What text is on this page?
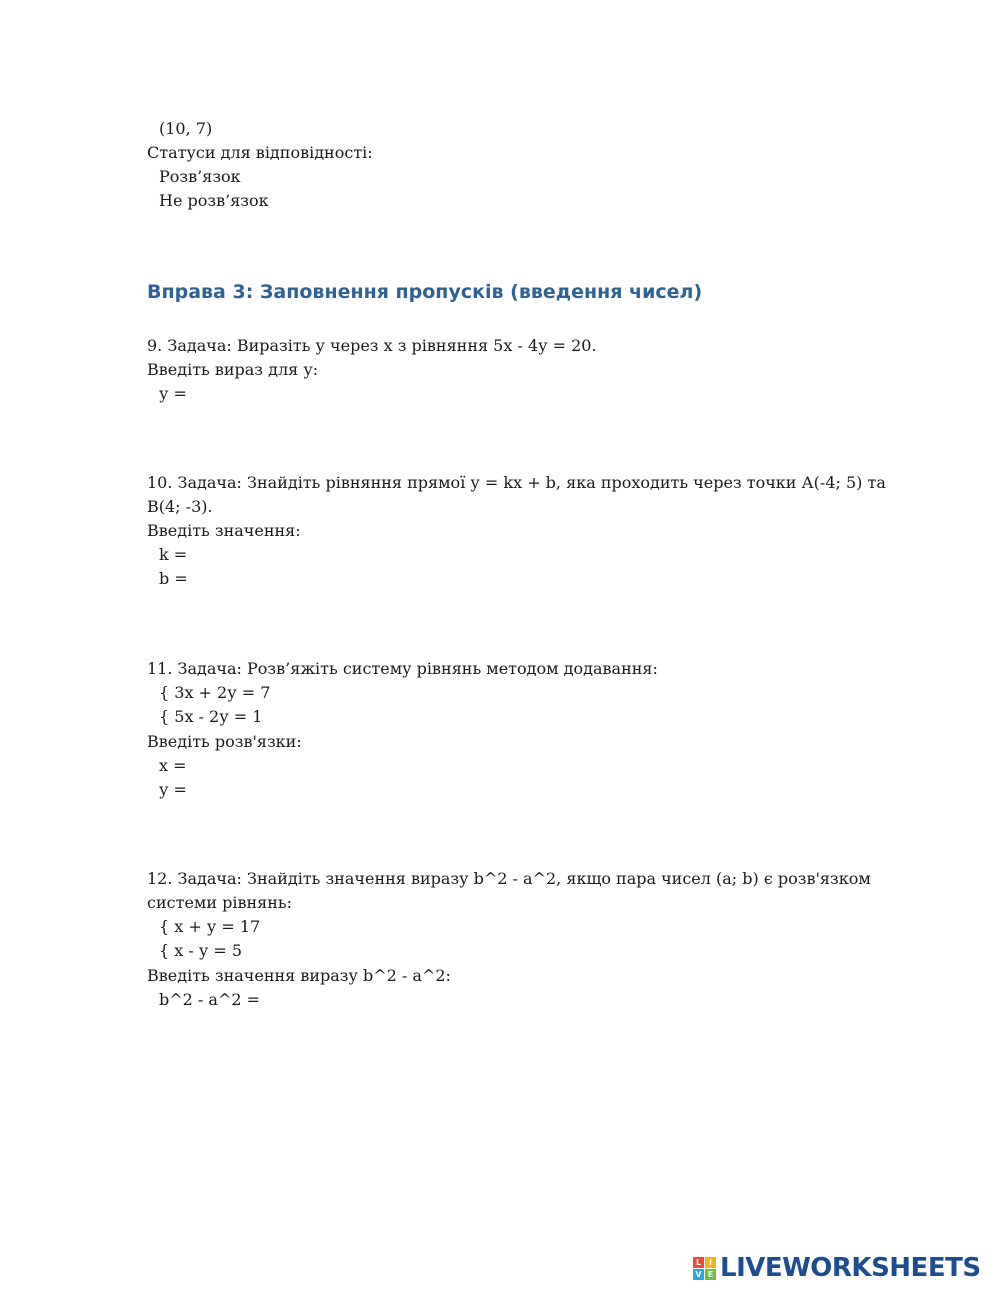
(10, 7)
Статуси для відповідності:
Розв’язок
Не розв’язок
Вправа 3: Заповнення пропусків (введення чисел)
9. Задача: Виразіть у через х з рівняння 5х - 4у = 20.
Введіть вираз для у:
у =
10. Задача: Знайдіть рівняння прямої у = kx + b, яка проходить через точки А(-4; 5) та
В(4; -3).
Введіть значення:
k =
b =
11. Задача: Розв’яжіть систему рівнянь методом додавання:
{ 3х + 2у = 7
{ 5х - 2у = 1
Введіть розв'язки:
х =
у =
12. Задача: Знайдіть значення виразу b^2 - a^2, якщо пара чисел (a; b) є розв'язком
системи рівнянь:
{ х + у = 17
{ х - у = 5
Введіть значення виразу b^2 - a^2:
b^2 - a^2 =
L I
V E LIVEWORKSHEETS
